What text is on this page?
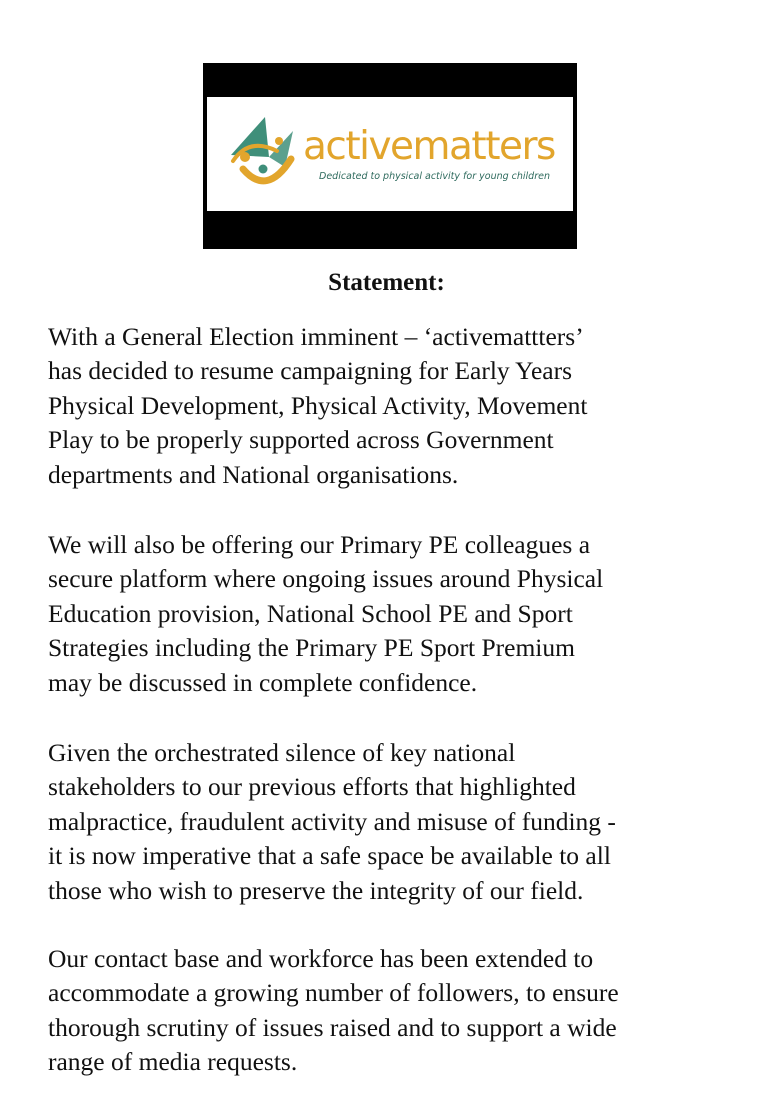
activematters
Dedicated to physical activity for young children
Statement:

With a General Election imminent – ‘activemattters’
has decided to resume campaigning for Early Years
Physical Development, Physical Activity, Movement
Play to be properly supported across Government
departments and National organisations.

We will also be offering our Primary PE colleagues a
secure platform where ongoing issues around Physical
Education provision, National School PE and Sport
Strategies including the Primary PE Sport Premium
may be discussed in complete confidence.

Given the orchestrated silence of key national
stakeholders to our previous efforts that highlighted
malpractice, fraudulent activity and misuse of funding -
it is now imperative that a safe space be available to all
those who wish to preserve the integrity of our field.

Our contact base and workforce has been extended to
accommodate a growing number of followers, to ensure
thorough scrutiny of issues raised and to support a wide
range of media requests.
